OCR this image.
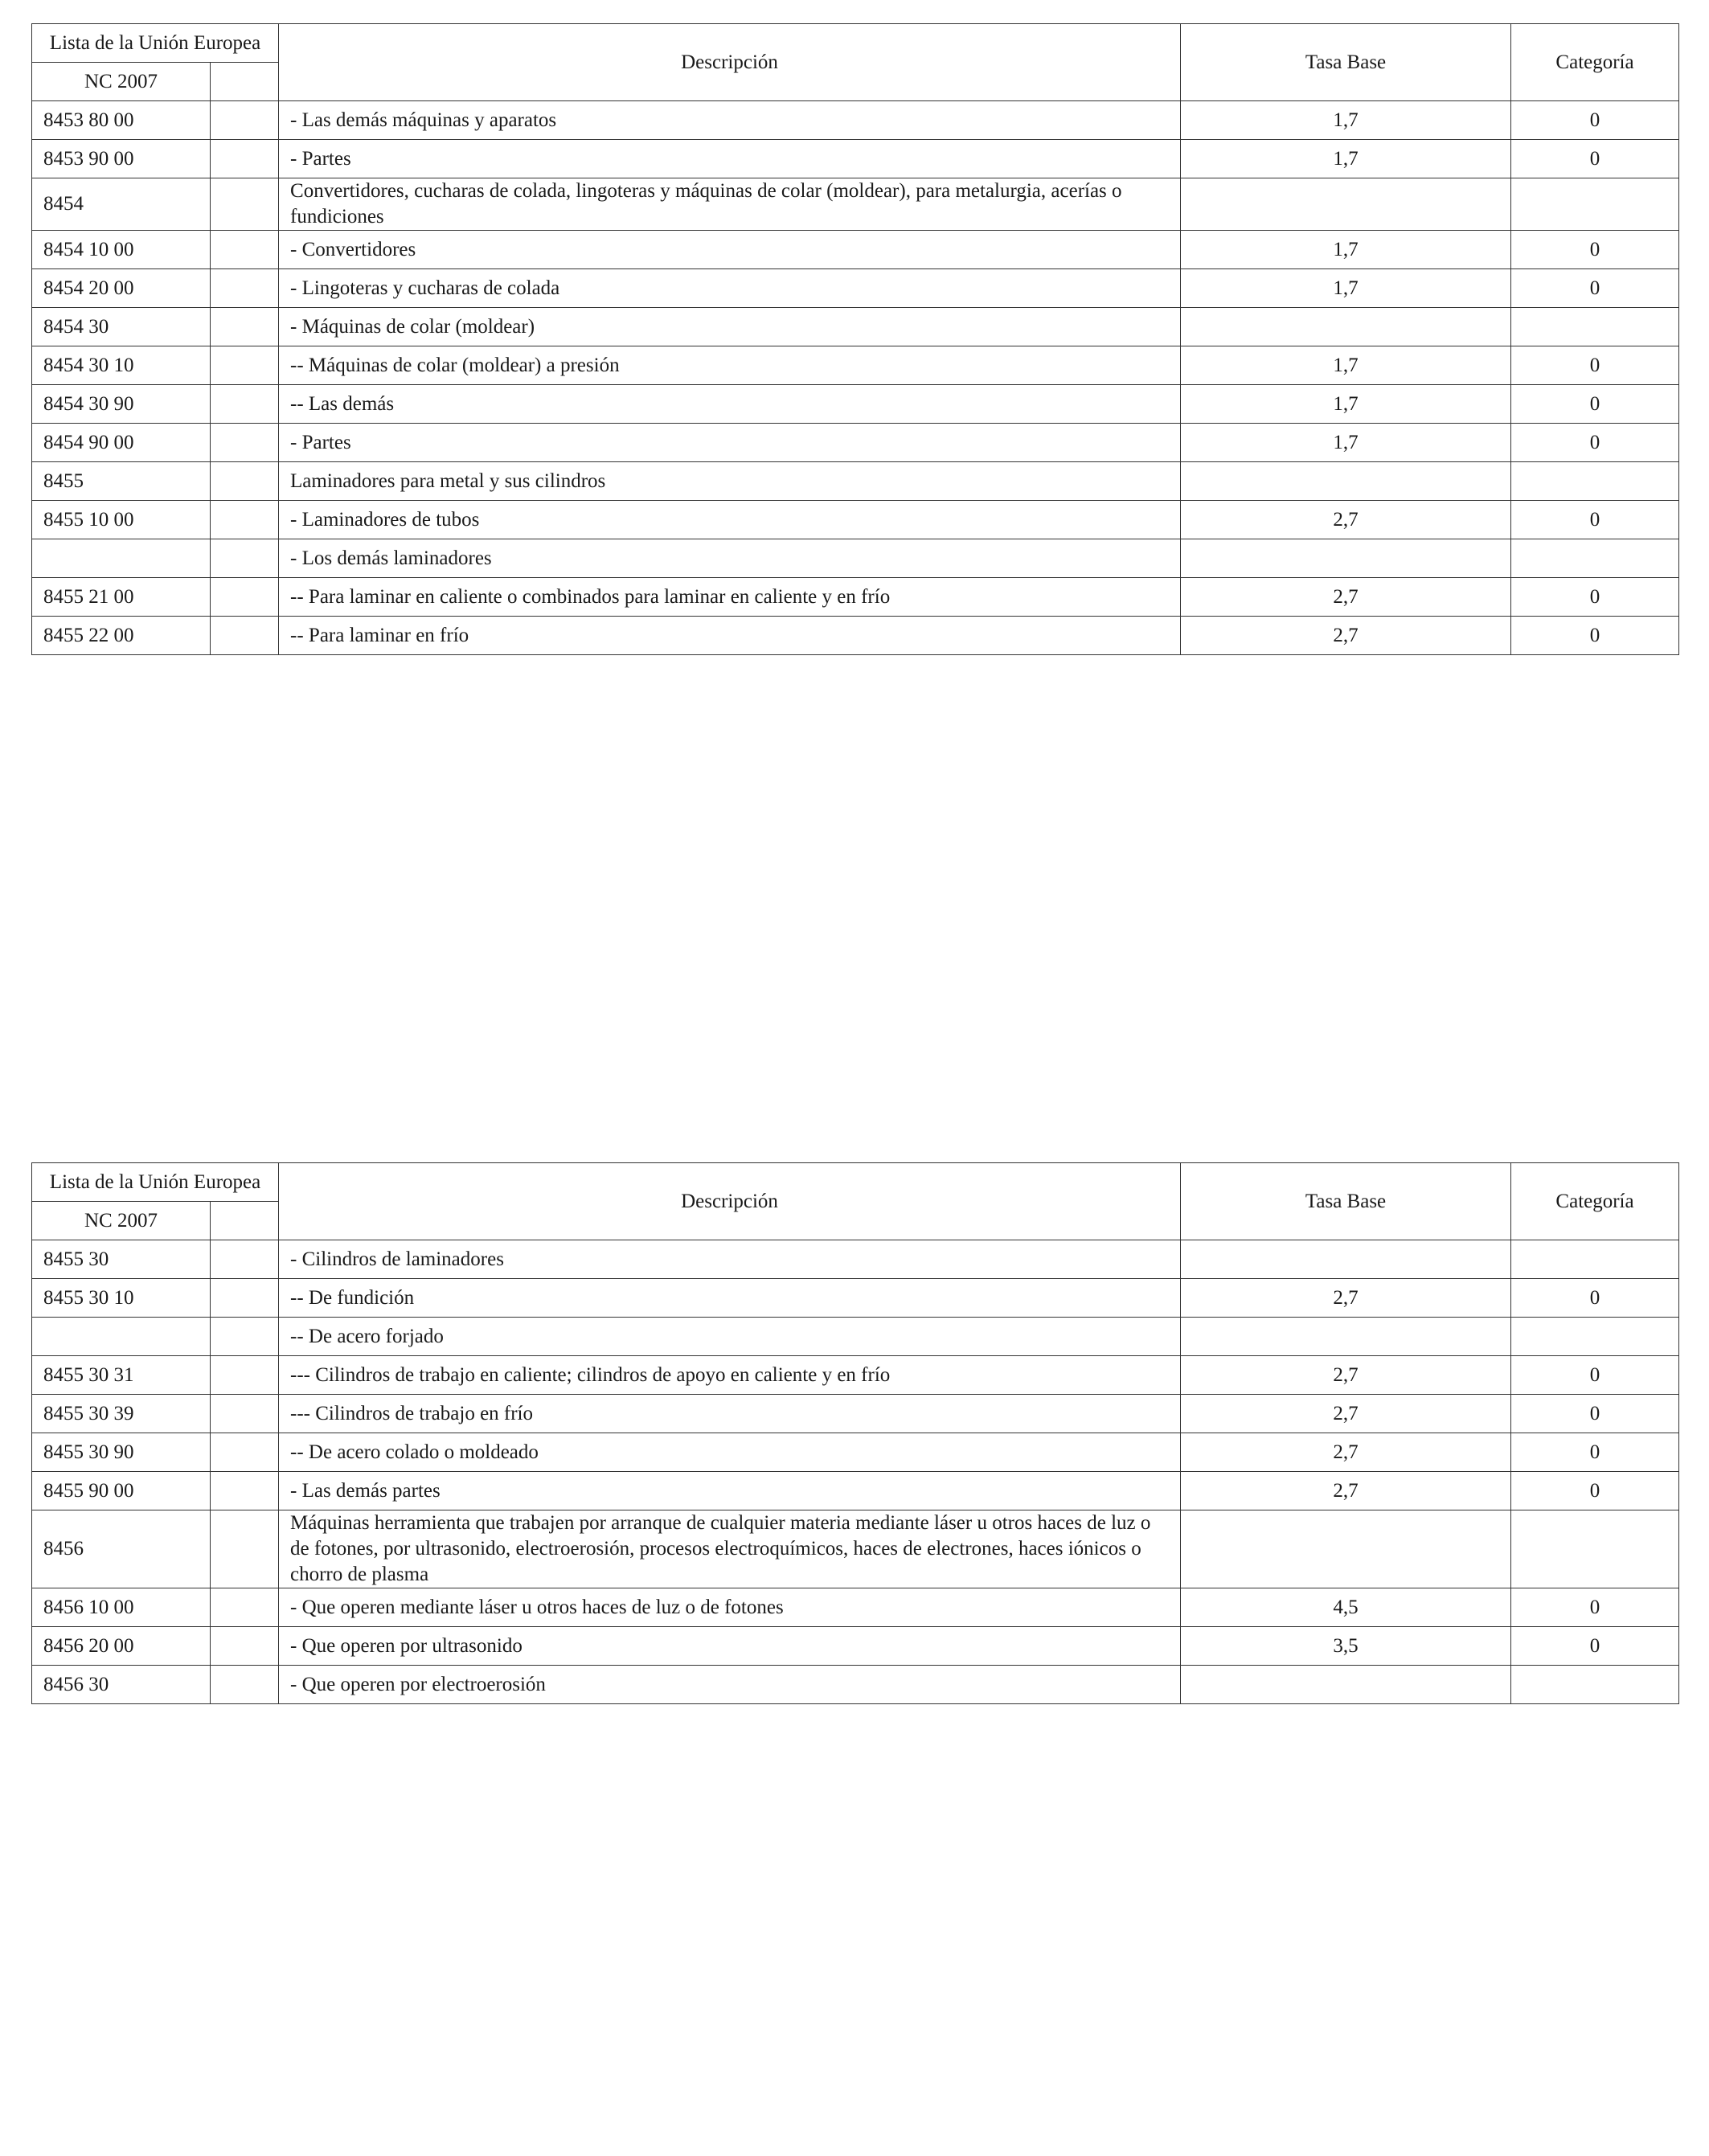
Lista de la Unión Europea		Descripción	Tasa Base	Categoría
NC 2007				
8453 80 00		- Las demás máquinas y aparatos	1,7	0
8453 90 00		- Partes	1,7	0
8454		Convertidores, cucharas de colada, lingoteras y máquinas de colar (moldear), para metalurgia, acerías o fundiciones		
8454 10 00		- Convertidores	1,7	0
8454 20 00		- Lingoteras y cucharas de colada	1,7	0
8454 30		- Máquinas de colar (moldear)		
8454 30 10		-- Máquinas de colar (moldear) a presión	1,7	0
8454 30 90		-- Las demás	1,7	0
8454 90 00		- Partes	1,7	0
8455		Laminadores para metal y sus cilindros		
8455 10 00		- Laminadores de tubos	2,7	0
		- Los demás laminadores		
8455 21 00		-- Para laminar en caliente o combinados para laminar en caliente y en frío	2,7	0
8455 22 00		-- Para laminar en frío	2,7	0
Lista de la Unión Europea		Descripción	Tasa Base	Categoría
NC 2007				
8455 30		- Cilindros de laminadores		
8455 30 10		-- De fundición	2,7	0
		-- De acero forjado		
8455 30 31		--- Cilindros de trabajo en caliente; cilindros de apoyo en caliente y en frío	2,7	0
8455 30 39		--- Cilindros de trabajo en frío	2,7	0
8455 30 90		-- De acero colado o moldeado	2,7	0
8455 90 00		- Las demás partes	2,7	0
8456		Máquinas herramienta que trabajen por arranque de cualquier materia mediante láser u otros haces de luz o de fotones, por ultrasonido, electroerosión, procesos electroquímicos, haces de electrones, haces iónicos o chorro de plasma		
8456 10 00		- Que operen mediante láser u otros haces de luz o de fotones	4,5	0
8456 20 00		- Que operen por ultrasonido	3,5	0
8456 30		- Que operen por electroerosión		
